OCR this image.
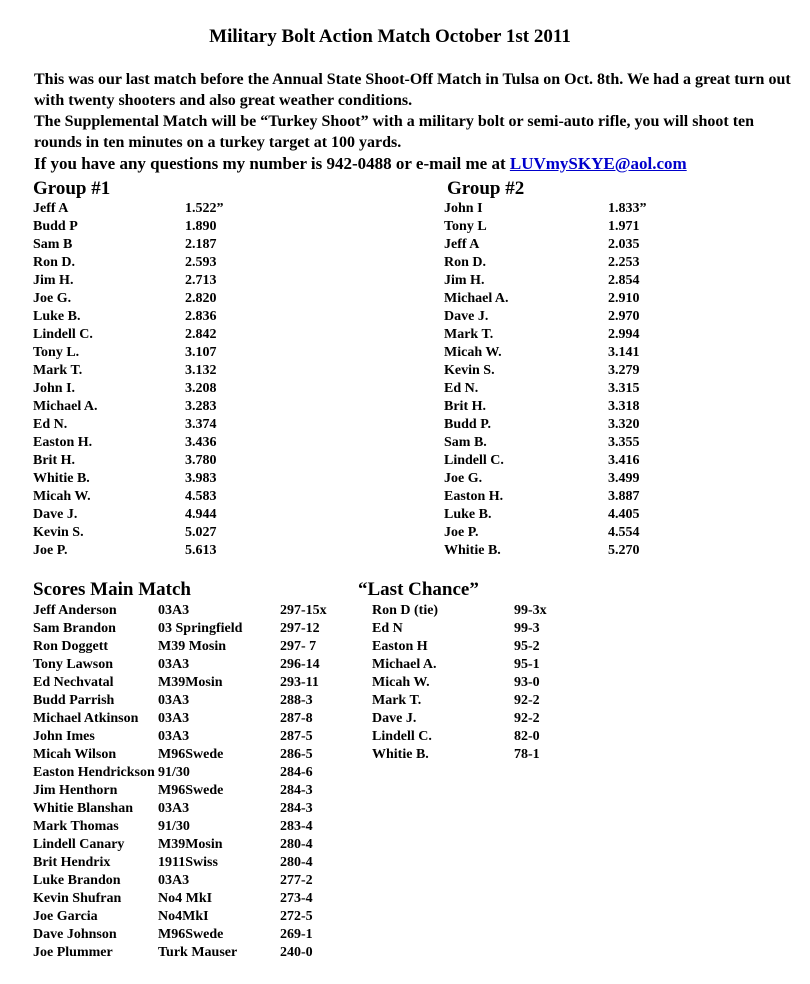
Military Bolt Action Match October 1st 2011

This was our last match before the Annual State Shoot-Off Match in Tulsa on Oct. 8th. We had a great turn out with twenty shooters and also great weather conditions.

The Supplemental Match will be “Turkey Shoot” with a military bolt or semi-auto rifle, you will shoot ten rounds in ten minutes on a turkey target at 100 yards.

If you have any questions my number is 942-0488 or e-mail me at LUVmySKYE@aol.com

Group #1
Jeff A	1.522”
Budd P	1.890
Sam B	2.187
Ron D.	2.593
Jim H.	2.713
Joe G.	2.820
Luke B.	2.836
Lindell C.	2.842
Tony L.	3.107
Mark T.	3.132
John I.	3.208
Michael A.	3.283
Ed N.	3.374
Easton H.	3.436
Brit H.	3.780
Whitie B.	3.983
Micah W.	4.583
Dave J.	4.944
Kevin S.	5.027
Joe P.	5.613
Group #2
John I	1.833”
Tony L	1.971
Jeff A	2.035
Ron D.	2.253
Jim H.	2.854
Michael A.	2.910
Dave J.	2.970
Mark T.	2.994
Micah W.	3.141
Kevin S.	3.279
Ed N.	3.315
Brit H.	3.318
Budd P.	3.320
Sam B.	3.355
Lindell C.	3.416
Joe G.	3.499
Easton H.	3.887
Luke B.	4.405
Joe P.	4.554
Whitie B.	5.270
Scores Main Match
Jeff Anderson	03A3	297-15x
Sam Brandon	03 Springfield	297-12
Ron Doggett	M39 Mosin	297- 7
Tony Lawson	03A3	296-14
Ed Nechvatal	M39Mosin	293-11
Budd Parrish	03A3	288-3
Michael Atkinson 03A3	287-8
John Imes	03A3	287-5
Micah Wilson	M96Swede	286-5
Easton Hendrickson 91/30	284-6
Jim Henthorn	M96Swede	284-3
Whitie Blanshan 03A3	284-3
Mark Thomas	91/30	283-4
Lindell Canary M39Mosin	280-4
Brit Hendrix	1911Swiss	280-4
Luke Brandon	03A3	277-2
Kevin Shufran	No4 MkI	273-4
Joe Garcia	No4MkI	272-5
Dave Johnson	M96Swede	269-1
Joe Plummer	Turk Mauser	240-0
“Last Chance”
Ron D (tie)	99-3x
Ed N	99-3
Easton H	95-2
Michael A.	95-1
Micah W.	93-0
Mark T.	92-2
Dave J.	92-2
Lindell C.	82-0
Whitie B.	78-1
